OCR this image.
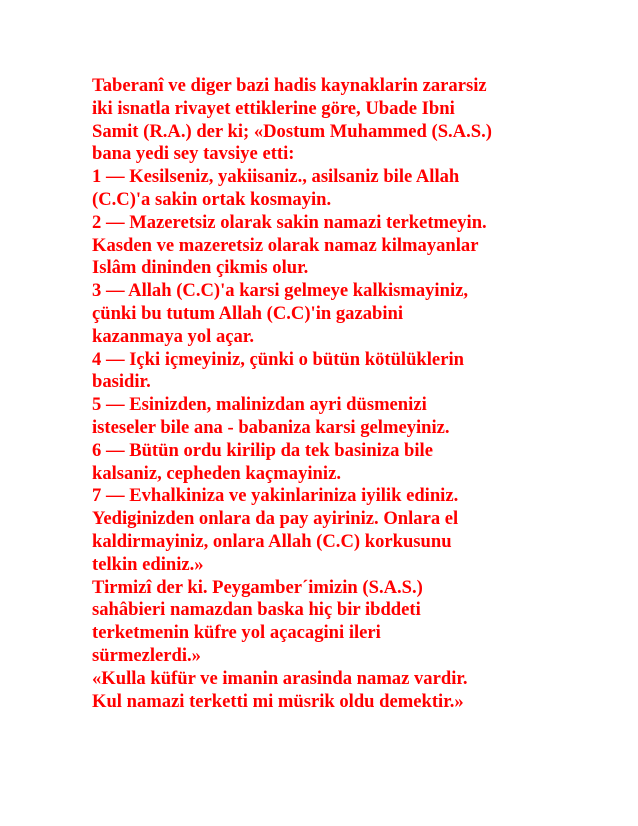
Taberanî ve diger bazi hadis kaynaklarin zararsiz
iki isnatla rivayet ettiklerine göre, Ubade Ibni
Samit (R.A.) der ki; «Dostum Muhammed (S.A.S.)
bana yedi sey tavsiye etti:
1 — Kesilseniz, yakiisaniz., asilsaniz bile Allah
(C.C)'a sakin ortak kosmayin.
2 — Mazeretsiz olarak sakin namazi terketmeyin.
Kasden ve mazeretsiz olarak namaz kilmayanlar
Islâm dininden çikmis olur.
3 — Allah (C.C)'a karsi gelmeye kalkismayiniz,
çünki bu tutum Allah (C.C)'in gazabini
kazanmaya yol açar.
4 — Içki içmeyiniz, çünki o bütün kötülüklerin
basidir.
5 — Esinizden, malinizdan ayri düsmenizi
isteseler bile ana - babaniza karsi gelmeyiniz.
6 — Bütün ordu kirilip da tek basiniza bile
kalsaniz, cepheden kaçmayiniz.
7 — Evhalkiniza ve yakinlariniza iyilik ediniz.
Yediginizden onlara da pay ayiriniz. Onlara el
kaldirmayiniz, onlara Allah (C.C) korkusunu
telkin ediniz.»
Tirmizî der ki. Peygamber´imizin (S.A.S.)
sahâbieri namazdan baska hiç bir ibddeti
terketmenin küfre yol açacagini ileri
sürmezlerdi.»
«Kulla küfür ve imanin arasinda namaz vardir.
Kul namazi terketti mi müsrik oldu demektir.»
